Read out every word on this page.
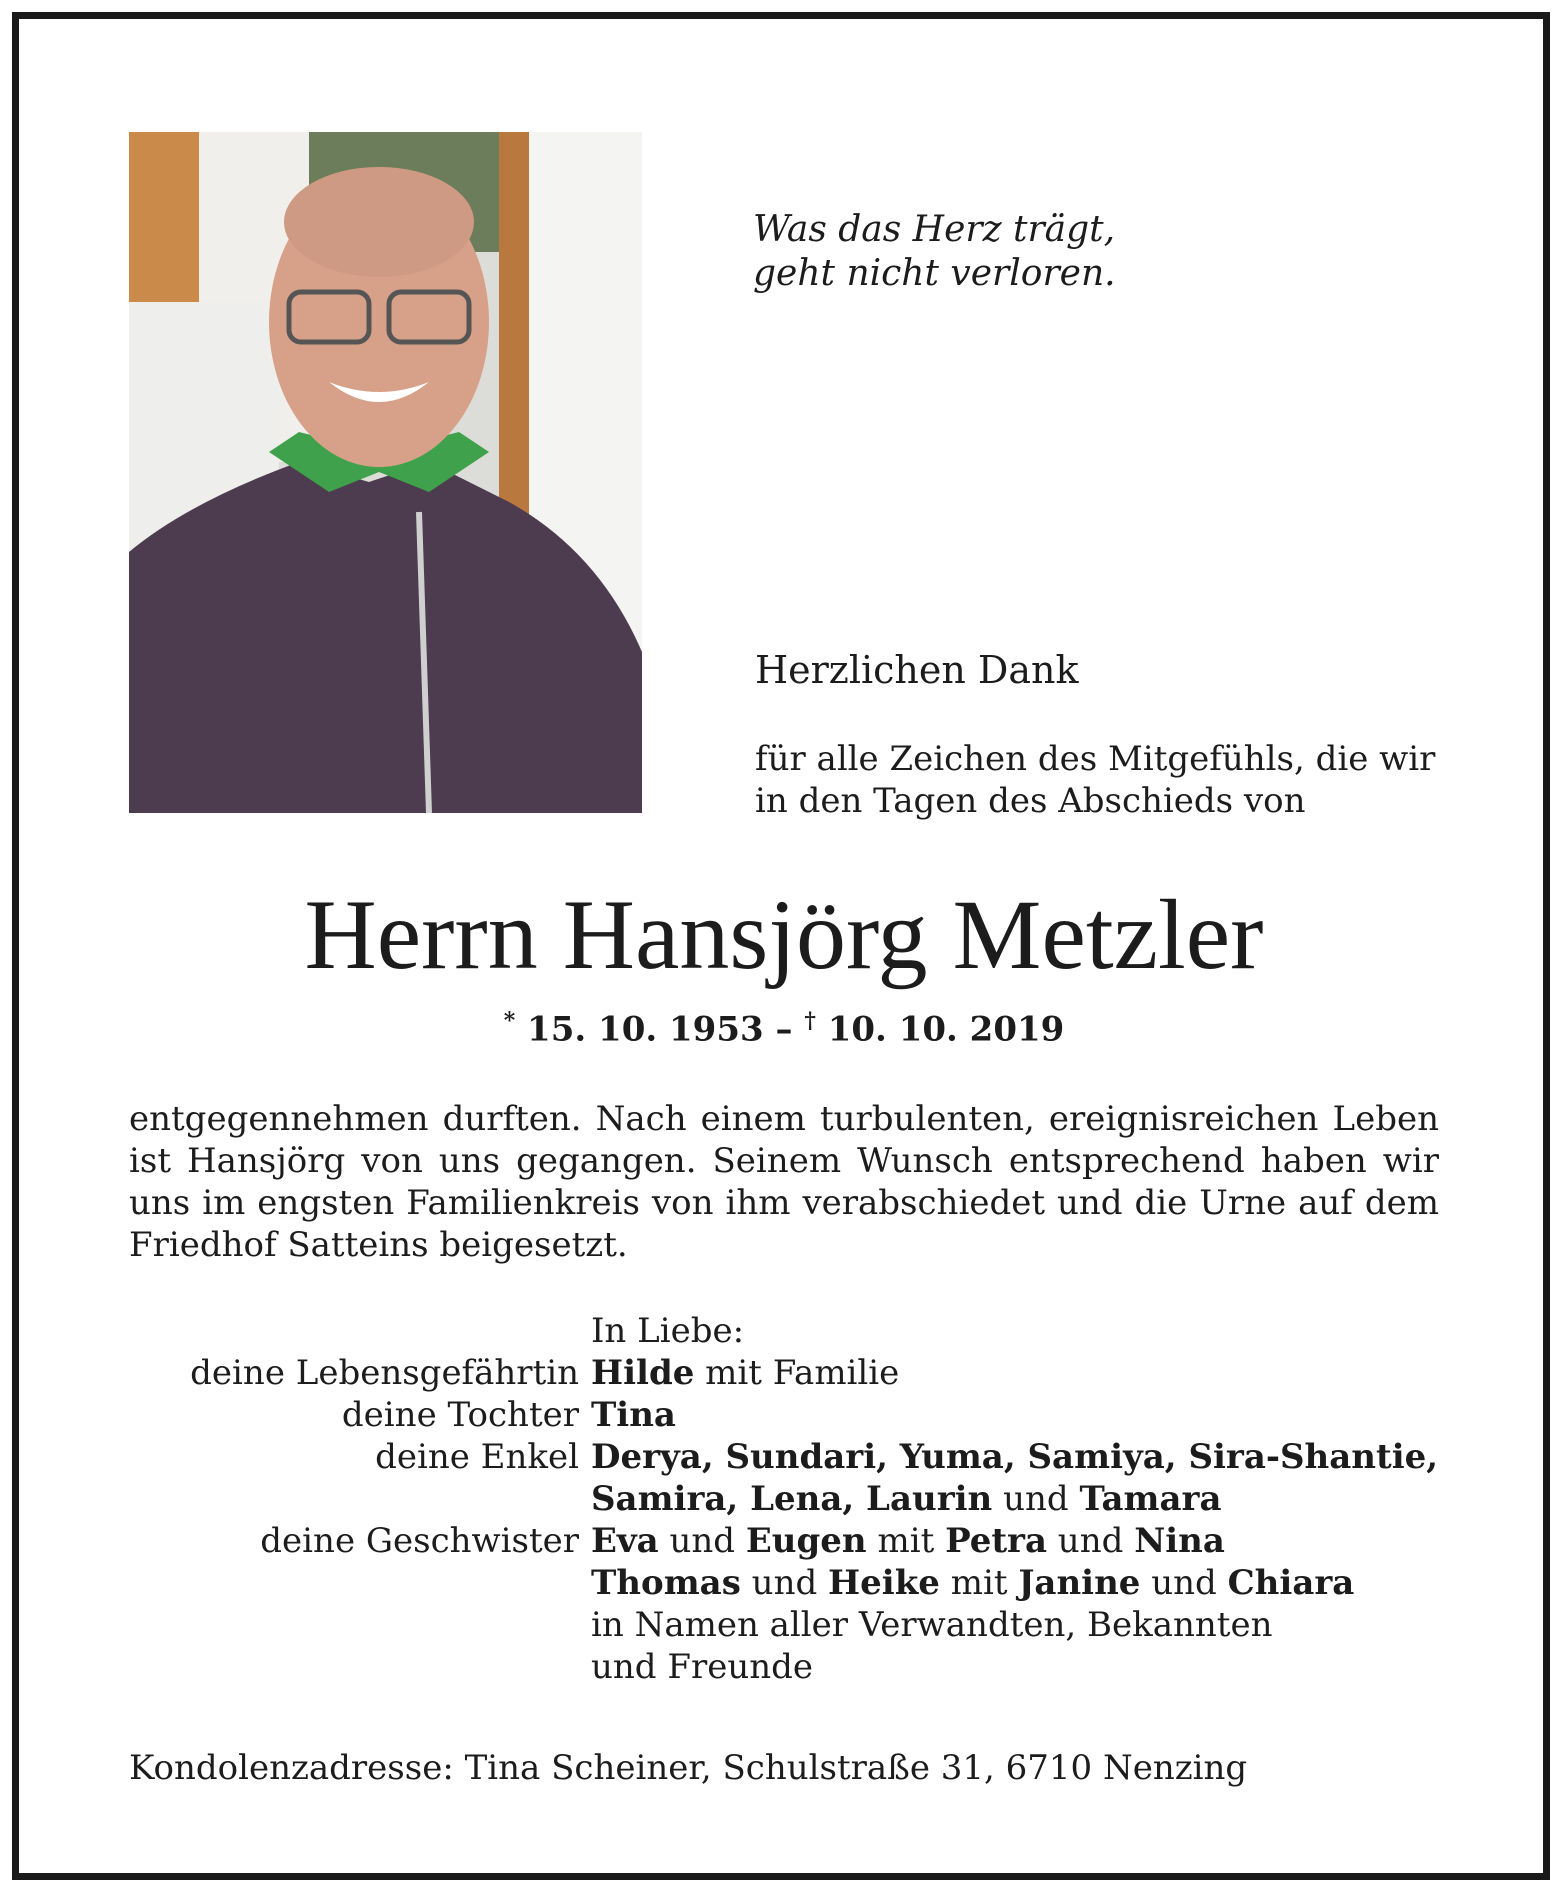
Was das Herz trägt,
geht nicht verloren.
Herzlichen Dank
für alle Zeichen des Mitgefühls, die wir
in den Tagen des Abschieds von
Herrn Hansjörg Metzler
* 15. 10. 1953 – † 10. 10. 2019
entgegennehmen durften. Nach einem turbulenten, ereignisreichen Leben ist Hansjörg von uns gegangen. Seinem Wunsch entsprechend haben wir uns im engsten Familienkreis von ihm verabschiedet und die Urne auf dem Friedhof Satteins beigesetzt.
In Liebe:
deine Lebensgefährtin Hilde mit Familie
deine Tochter Tina
deine Enkel Derya, Sundari, Yuma, Samiya, Sira-Shantie,
Samira, Lena, Laurin und Tamara
deine Geschwister Eva und Eugen mit Petra und Nina
Thomas und Heike mit Janine und Chiara
in Namen aller Verwandten, Bekannten
und Freunde
Kondolenzadresse: Tina Scheiner, Schulstraße 31, 6710 Nenzing
